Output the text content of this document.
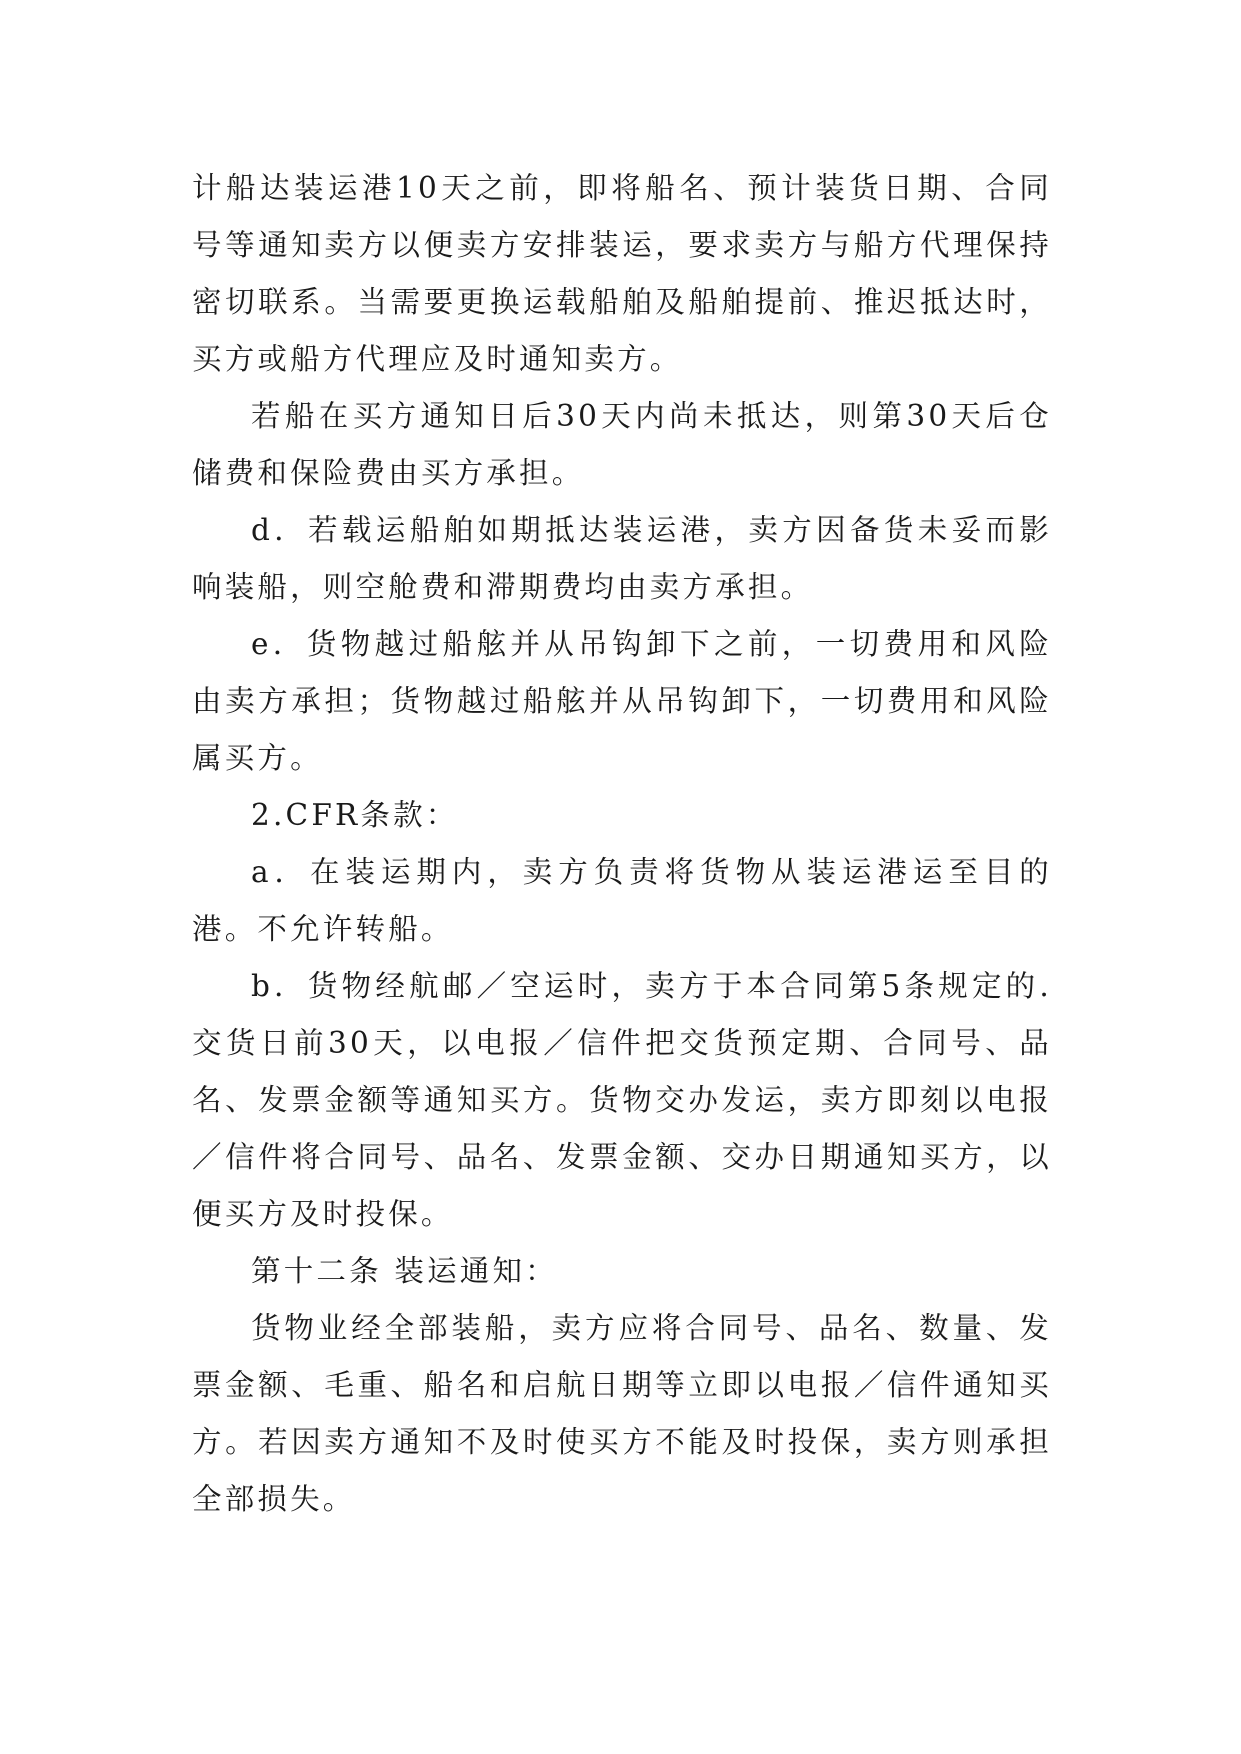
计船达装运港10天之前，即将船名、预计装货日期、合同号等通知卖方以便卖方安排装运，要求卖方与船方代理保持密切联系。当需要更换运载船舶及船舶提前、推迟抵达时，买方或船方代理应及时通知卖方。

若船在买方通知日后30天内尚未抵达，则第30天后仓储费和保险费由买方承担。

d．若载运船舶如期抵达装运港，卖方因备货未妥而影响装船，则空舱费和滞期费均由卖方承担。

e．货物越过船舷并从吊钩卸下之前，一切费用和风险由卖方承担；货物越过船舷并从吊钩卸下，一切费用和风险属买方。

2.CFR条款：

a．在装运期内，卖方负责将货物从装运港运至目的港。不允许转船。

b．货物经航邮／空运时，卖方于本合同第5条规定的.交货日前30天，以电报／信件把交货预定期、合同号、品名、发票金额等通知买方。货物交办发运，卖方即刻以电报／信件将合同号、品名、发票金额、交办日期通知买方，以便买方及时投保。

第十二条 装运通知：

货物业经全部装船，卖方应将合同号、品名、数量、发票金额、毛重、船名和启航日期等立即以电报／信件通知买方。若因卖方通知不及时使买方不能及时投保，卖方则承担全部损失。
